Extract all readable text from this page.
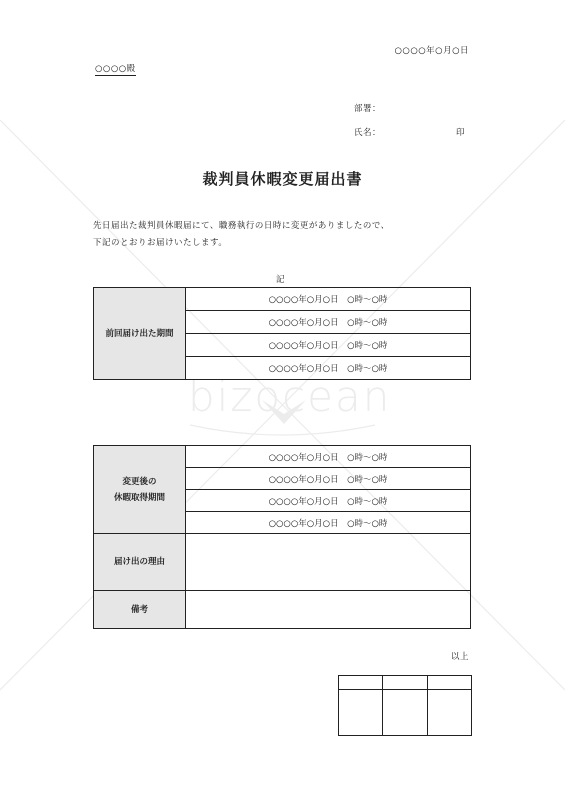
bizocean
○○○○年○月○日
○○○○殿
部署：
氏名：	印
裁判員休暇変更届出書
先日届出た裁判員休暇届にて、職務執行の日時に変更がありましたので、
下記のとおりお届けいたします。
記
前回届け出た期間	○○○○年○月○日　○時～○時
○○○○年○月○日　○時～○時
○○○○年○月○日　○時～○時
○○○○年○月○日　○時～○時
変更後の
休暇取得期間	○○○○年○月○日　○時～○時
	○○○○年○月○日　○時～○時
	○○○○年○月○日　○時～○時
	○○○○年○月○日　○時～○時
届け出の理由	
備考	
以上
